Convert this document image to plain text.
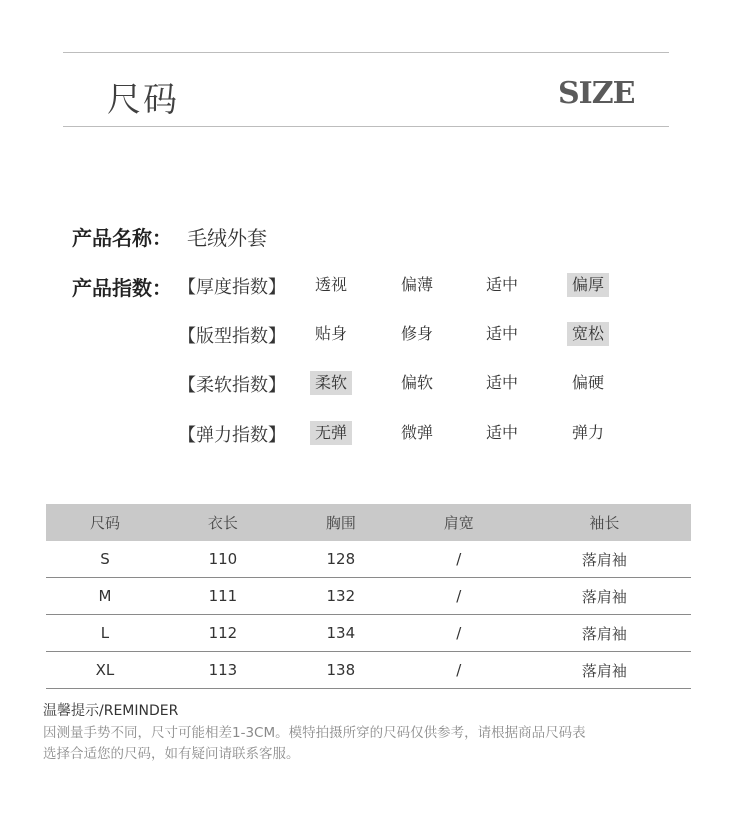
尺码	SIZE
产品名称： 毛绒外套
产品指数： 【厚度指数】	透视	偏薄	适中	偏厚
【版型指数】	贴身	修身	适中	宽松
【柔软指数】	柔软	偏软	适中	偏硬
【弹力指数】	无弹	微弹	适中	弹力
尺码	衣长	胸围	肩宽	袖长
S	110	128	/	落肩袖
M	111	132	/	落肩袖
L	112	134	/	落肩袖
XL	113	138	/	落肩袖
温馨提示/REMINDER
因测量手势不同，尺寸可能相差1-3CM。模特拍摄所穿的尺码仅供参考，请根据商品尺码表
选择合适您的尺码，如有疑问请联系客服。
